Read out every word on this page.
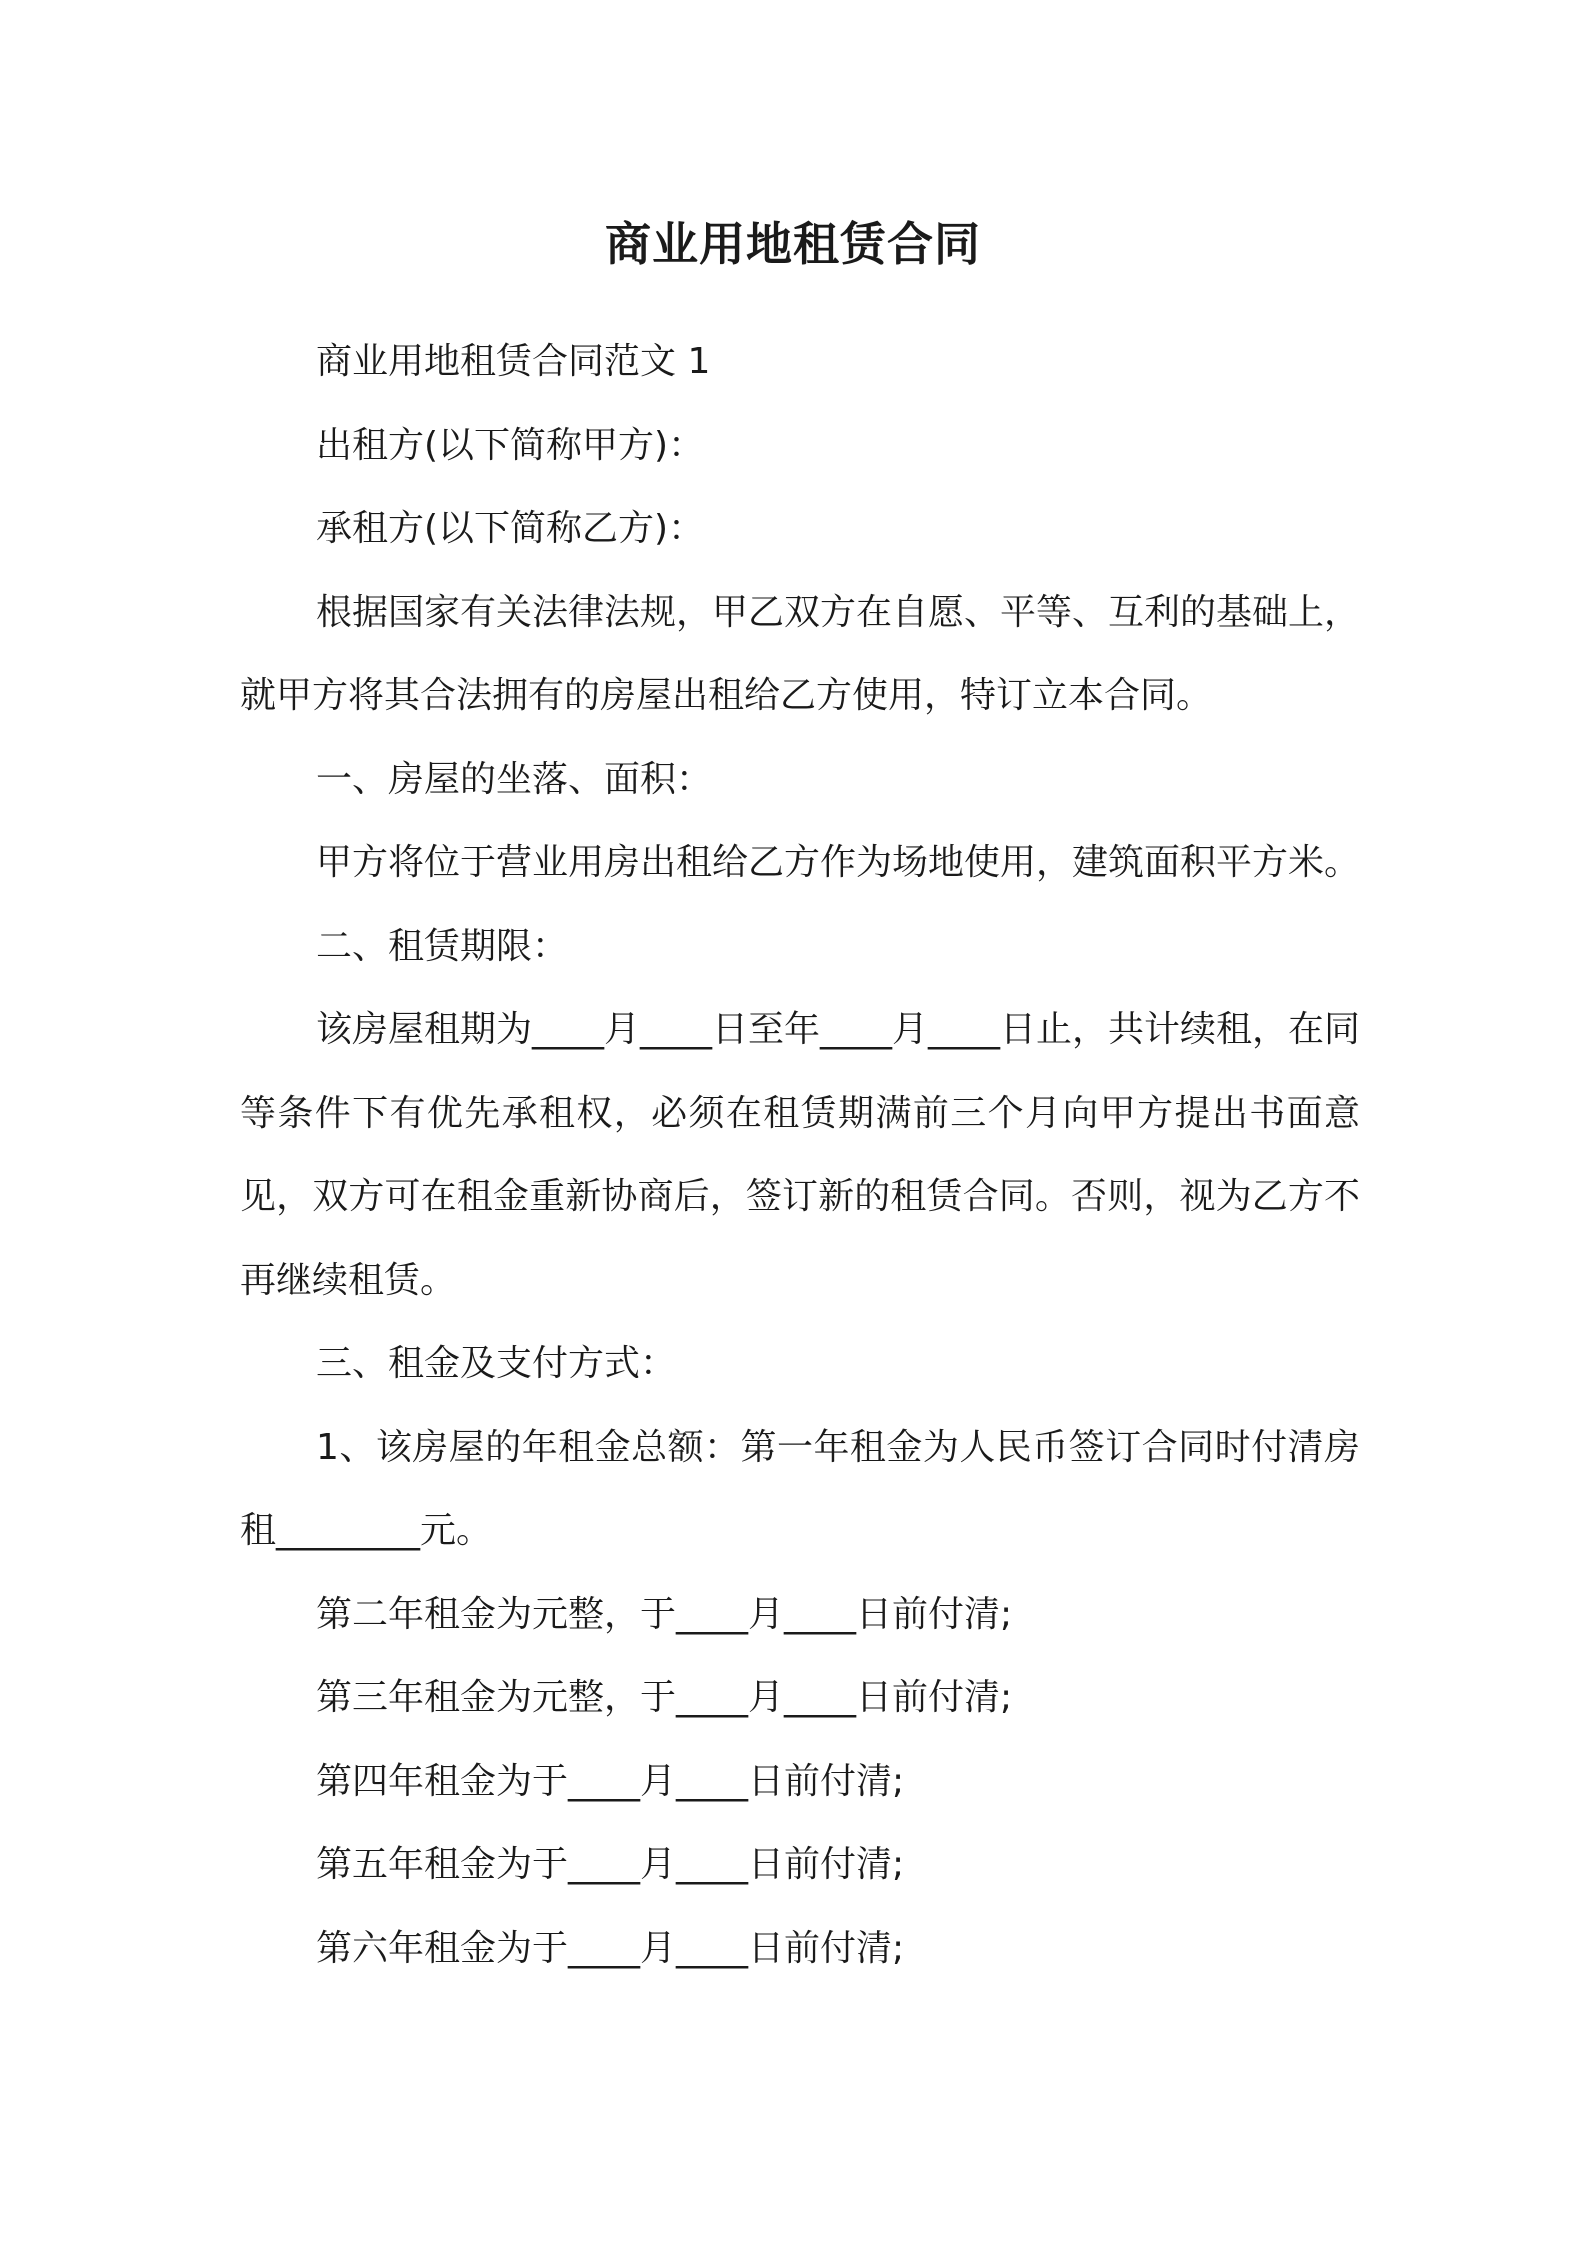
商业用地租赁合同

商业用地租赁合同范文 1

出租方(以下简称甲方)：

承租方(以下简称乙方)：

根据国家有关法律法规，甲乙双方在自愿、平等、互利的基础上，就甲方将其合法拥有的房屋出租给乙方使用，特订立本合同。

一、房屋的坐落、面积：

甲方将位于营业用房出租给乙方作为场地使用，建筑面积平方米。

二、租赁期限：

该房屋租期为____月____日至年____月____日止，共计续租，在同等条件下有优先承租权，必须在租赁期满前三个月向甲方提出书面意见，双方可在租金重新协商后，签订新的租赁合同。否则，视为乙方不再继续租赁。

三、租金及支付方式：

1、该房屋的年租金总额：第一年租金为人民币签订合同时付清房租________元。

第二年租金为元整，于____月____日前付清;

第三年租金为元整，于____月____日前付清;

第四年租金为于____月____日前付清;

第五年租金为于____月____日前付清;

第六年租金为于____月____日前付清;
